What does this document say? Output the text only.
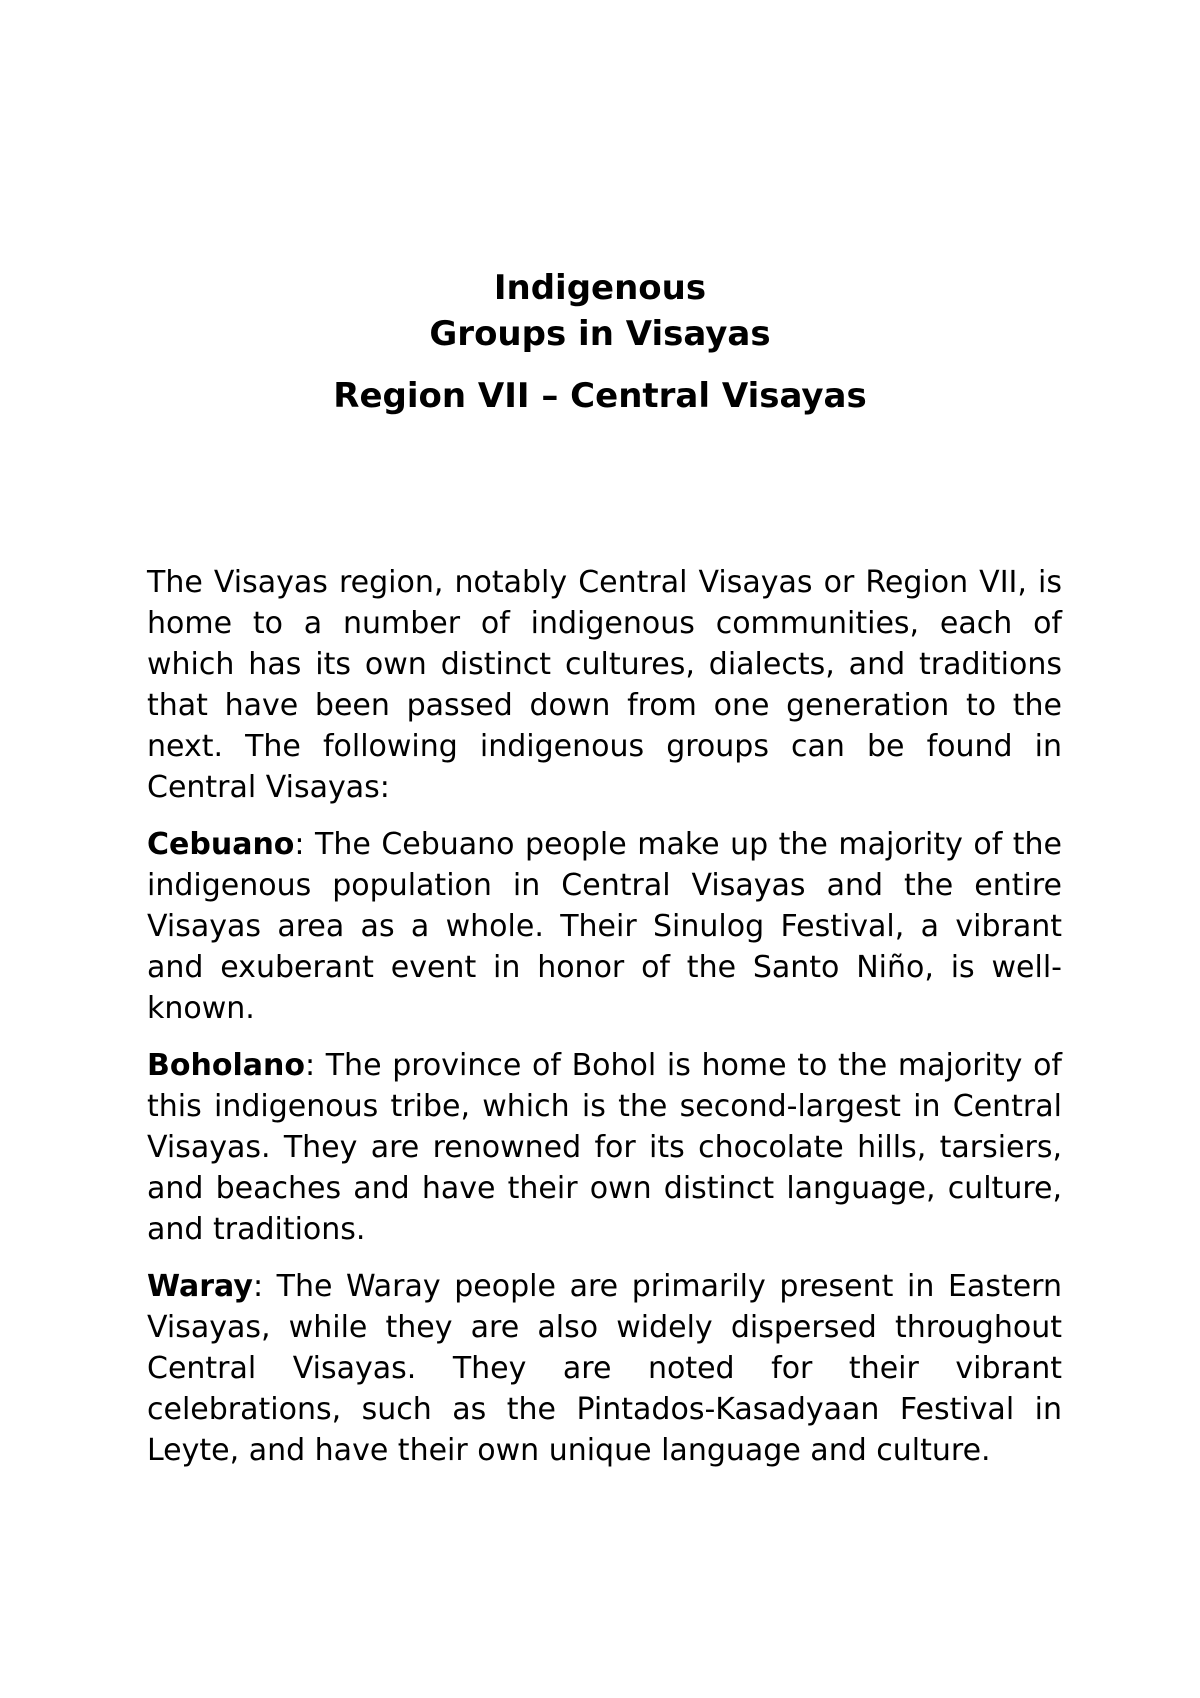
Indigenous
Groups in Visayas
Region VII – Central Visayas

The Visayas region, notably Central Visayas or Region VII, is home to a number of indigenous communities, each of which has its own distinct cultures, dialects, and traditions that have been passed down from one generation to the next. The following indigenous groups can be found in Central Visayas:

Cebuano: The Cebuano people make up the majority of the indigenous population in Central Visayas and the entire Visayas area as a whole. Their Sinulog Festival, a vibrant and exuberant event in honor of the Santo Niño, is well-known.

Boholano: The province of Bohol is home to the majority of this indigenous tribe, which is the second-largest in Central Visayas. They are renowned for its chocolate hills, tarsiers, and beaches and have their own distinct language, culture, and traditions.

Waray: The Waray people are primarily present in Eastern Visayas, while they are also widely dispersed throughout Central Visayas. They are noted for their vibrant celebrations, such as the Pintados-Kasadyaan Festival in Leyte, and have their own unique language and culture.
